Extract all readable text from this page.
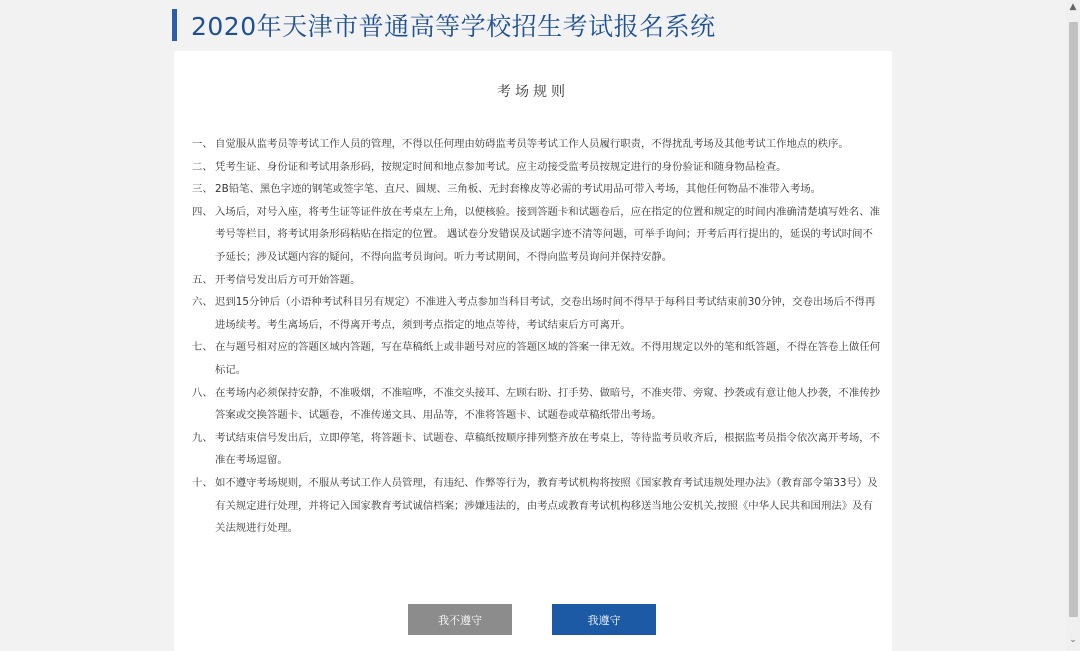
2020年天津市普通高等学校招生考试报名系统
考场规则
一、 自觉服从监考员等考试工作人员的管理，不得以任何理由妨碍监考员等考试工作人员履行职责，不得扰乱考场及其他考试工作地点的秩序。
二、 凭考生证、身份证和考试用条形码，按规定时间和地点参加考试。应主动接受监考员按规定进行的身份验证和随身物品检查。
三、 2B铅笔、黑色字迹的钢笔或签字笔、直尺、圆规、三角板、无封套橡皮等必需的考试用品可带入考场，其他任何物品不准带入考场。
四、 入场后，对号入座，将考生证等证件放在考桌左上角，以便核验。接到答题卡和试题卷后，应在指定的位置和规定的时间内准确清楚填写姓名、准考号等栏目，将考试用条形码粘贴在指定的位置。 遇试卷分发错误及试题字迹不清等问题，可举手询问；开考后再行提出的，延误的考试时间不予延长；涉及试题内容的疑问，不得向监考员询问。听力考试期间，不得向监考员询问并保持安静。
五、 开考信号发出后方可开始答题。
六、 迟到15分钟后（小语种考试科目另有规定）不准进入考点参加当科目考试，交卷出场时间不得早于每科目考试结束前30分钟，交卷出场后不得再进场续考。考生离场后，不得离开考点，须到考点指定的地点等待，考试结束后方可离开。
七、 在与题号相对应的答题区域内答题，写在草稿纸上或非题号对应的答题区域的答案一律无效。不得用规定以外的笔和纸答题，不得在答卷上做任何标记。
八、 在考场内必须保持安静，不准吸烟，不准喧哗，不准交头接耳、左顾右盼、打手势、做暗号，不准夹带、旁窥、抄袭或有意让他人抄袭，不准传抄答案或交换答题卡、试题卷，不准传递文具、用品等，不准将答题卡、试题卷或草稿纸带出考场。
九、 考试结束信号发出后，立即停笔，将答题卡、试题卷、草稿纸按顺序排列整齐放在考桌上，等待监考员收齐后，根据监考员指令依次离开考场，不准在考场逗留。
十、 如不遵守考场规则，不服从考试工作人员管理，有违纪、作弊等行为，教育考试机构将按照《国家教育考试违规处理办法》（教育部令第33号）及有关规定进行处理，并将记入国家教育考试诚信档案；涉嫌违法的，由考点或教育考试机构移送当地公安机关,按照《中华人民共和国刑法》及有关法规进行处理。
我不遵守	我遵守
▲
⌄
